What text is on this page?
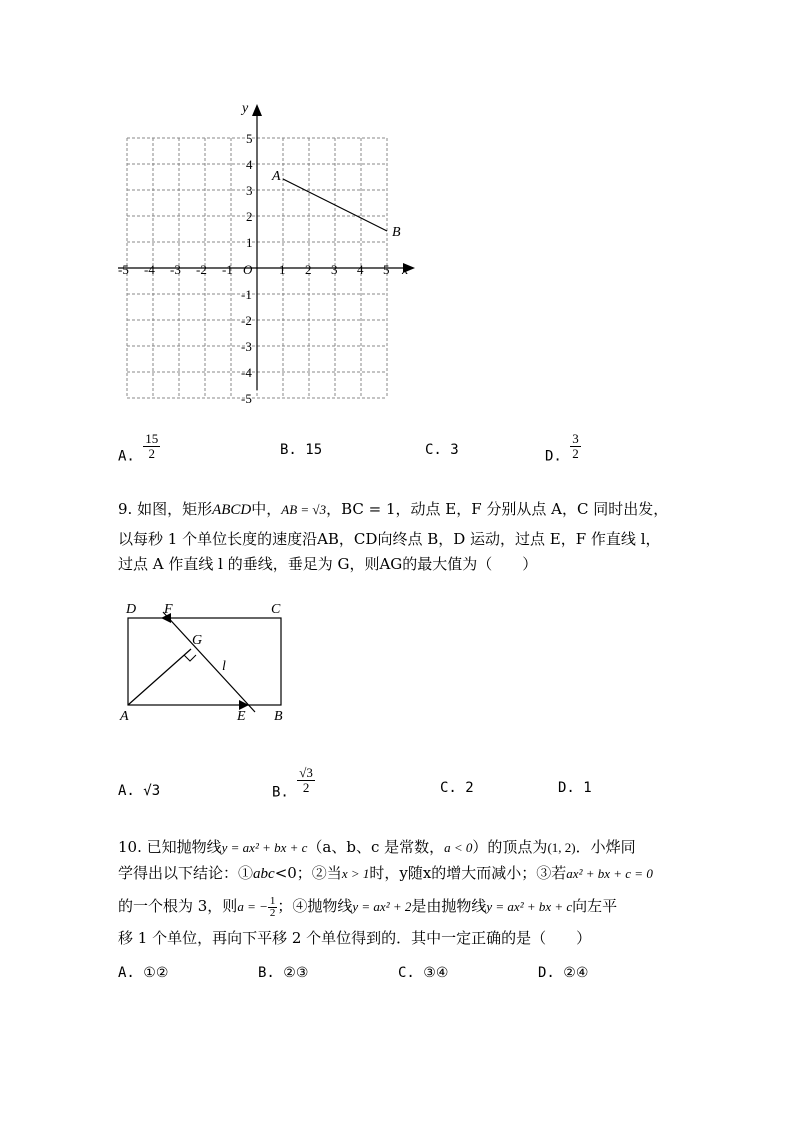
y
x
O
-5 -4 -3 -2 -1	1 2 3 4 5
5
4
3
2
1
-1
-2
-3
-4
-5
A
B
A. $\frac{15}{2}$	B. 15	C. 3	D. $\frac{3}{2}$
9. 如图，矩形ABCD中，AB = √3，BC = 1，动点 E，F 分别从点 A，C 同时出发，
以每秒 1 个单位长度的速度沿AB，CD向终点 B，D 运动，过点 E，F 作直线 l，
过点 A 作直线 l 的垂线，垂足为 G，则AG的最大值为（　　）
D F	C
G
l
A	E B
A. √3	B. $\frac{√3}{2}$	C. 2	D. 1
10. 已知抛物线y = ax² + bx + c（a、b、c 是常数，a < 0）的顶点为(1, 2)．小烨同
学得出以下结论：①abc<0；②当x > 1时，y随x的增大而减小；③若ax² + bx + c = 0
的一个根为 3，则a = − $\frac{1}{2}$ ；④抛物线y = ax² + 2是由抛物线y = ax² + bx + c向左平
移 1 个单位，再向下平移 2 个单位得到的．其中一定正确的是（　　）
A. ①②	B. ②③	C. ③④	D. ②④
